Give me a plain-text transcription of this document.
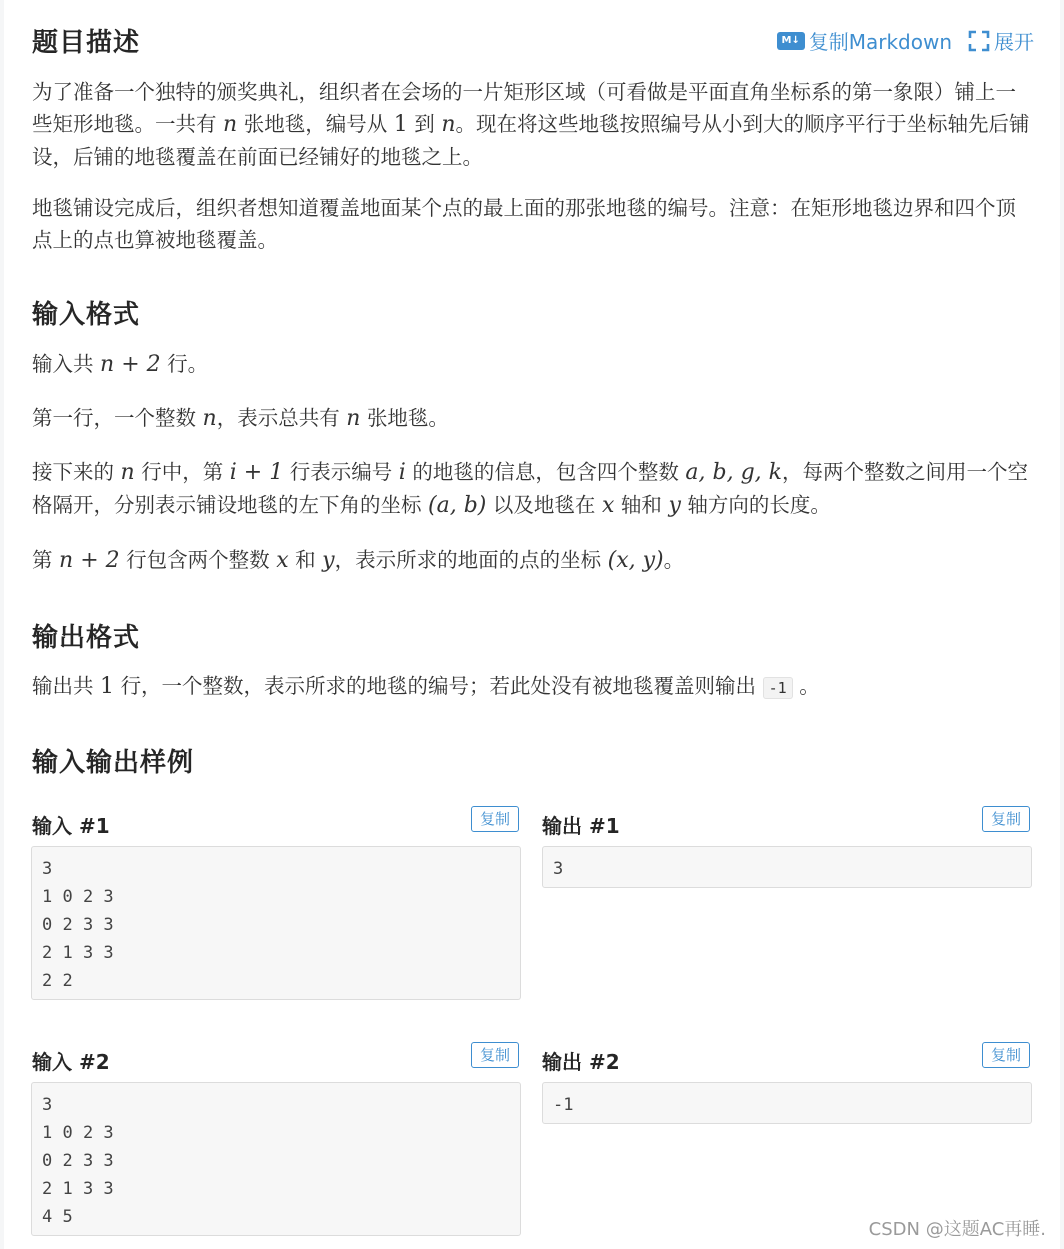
题目描述	M↓ 复制Markdown 展开
为了准备一个独特的颁奖典礼，组织者在会场的一片矩形区域（可看做是平面直角坐标系的第一象限）铺上一些矩形地毯。一共有 n 张地毯，编号从 1 到 n。现在将这些地毯按照编号从小到大的顺序平行于坐标轴先后铺设，后铺的地毯覆盖在前面已经铺好的地毯之上。
地毯铺设完成后，组织者想知道覆盖地面某个点的最上面的那张地毯的编号。注意：在矩形地毯边界和四个顶点上的点也算被地毯覆盖。
输入格式
输入共 n + 2 行。
第一行，一个整数 n，表示总共有 n 张地毯。
接下来的 n 行中，第 i + 1 行表示编号 i 的地毯的信息，包含四个整数 a, b, g, k，每两个整数之间用一个空格隔开，分别表示铺设地毯的左下角的坐标 (a, b) 以及地毯在 x 轴和 y 轴方向的长度。
第 n + 2 行包含两个整数 x 和 y，表示所求的地面的点的坐标 (x, y)。
输出格式
输出共 1 行，一个整数，表示所求的地毯的编号；若此处没有被地毯覆盖则输出 -1 。
输入输出样例
输入 #1	复制
3
1 0 2 3
0 2 3 3
2 1 3 3
2 2
输出 #1	复制
3
输入 #2	复制
3
1 0 2 3
0 2 3 3
2 1 3 3
4 5
输出 #2	复制
-1
CSDN @这题AC再睡.
